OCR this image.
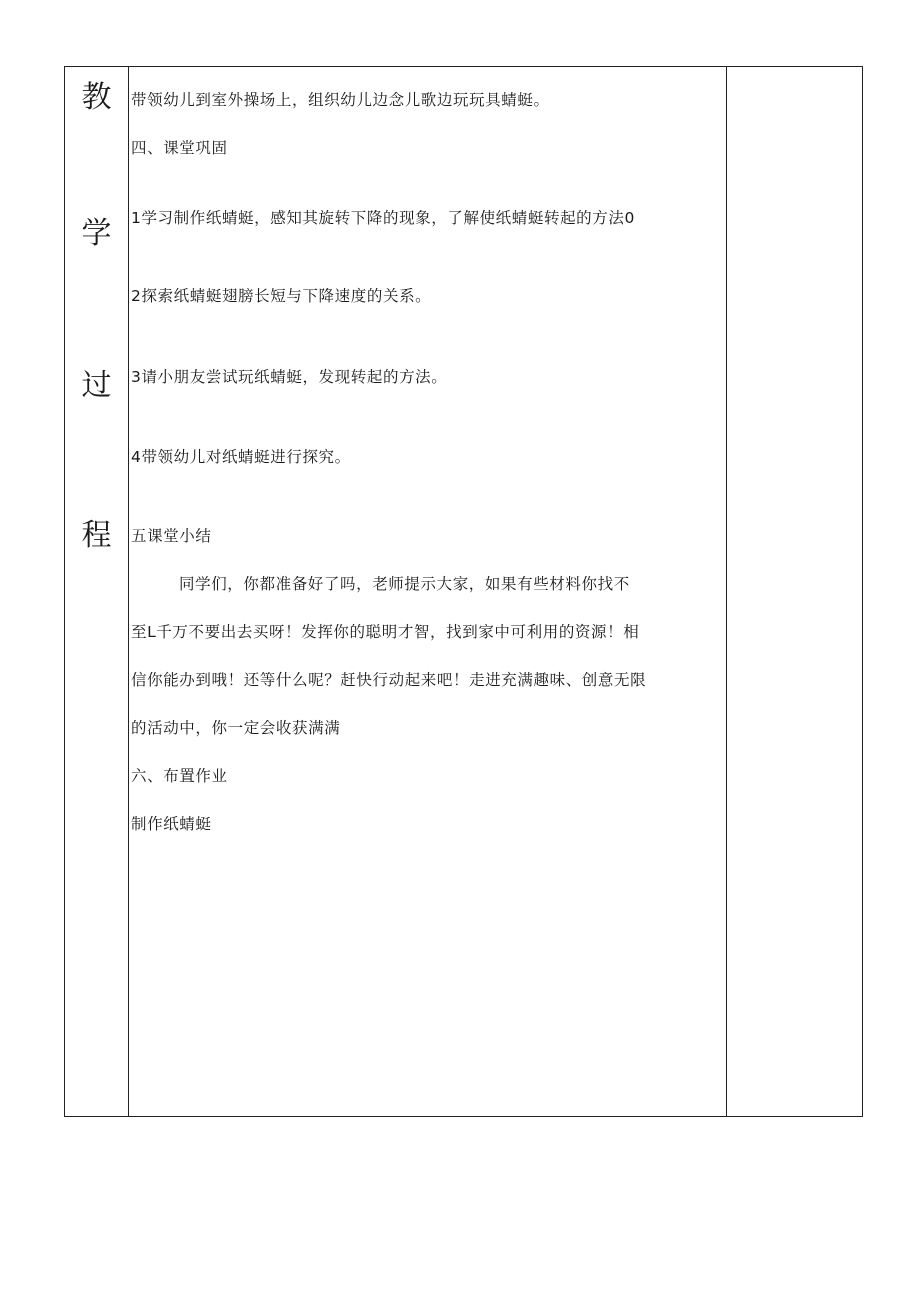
教
学
过
程
带领幼儿到室外操场上，组织幼儿边念儿歌边玩玩具蜻蜓。
四、课堂巩固
1学习制作纸蜻蜓，感知其旋转下降的现象，了解使纸蜻蜓转起的方法0
2探索纸蜻蜓翅膀长短与下降速度的关系。
3请小朋友尝试玩纸蜻蜓，发现转起的方法。
4带领幼儿对纸蜻蜓进行探究。
五课堂小结
同学们，你都准备好了吗，老师提示大家，如果有些材料你找不
至L千万不要出去买呀！发挥你的聪明才智，找到家中可利用的资源！相
信你能办到哦！还等什么呢？赶快行动起来吧！走进充满趣味、创意无限
的活动中，你一定会收获满满
六、布置作业
制作纸蜻蜓
